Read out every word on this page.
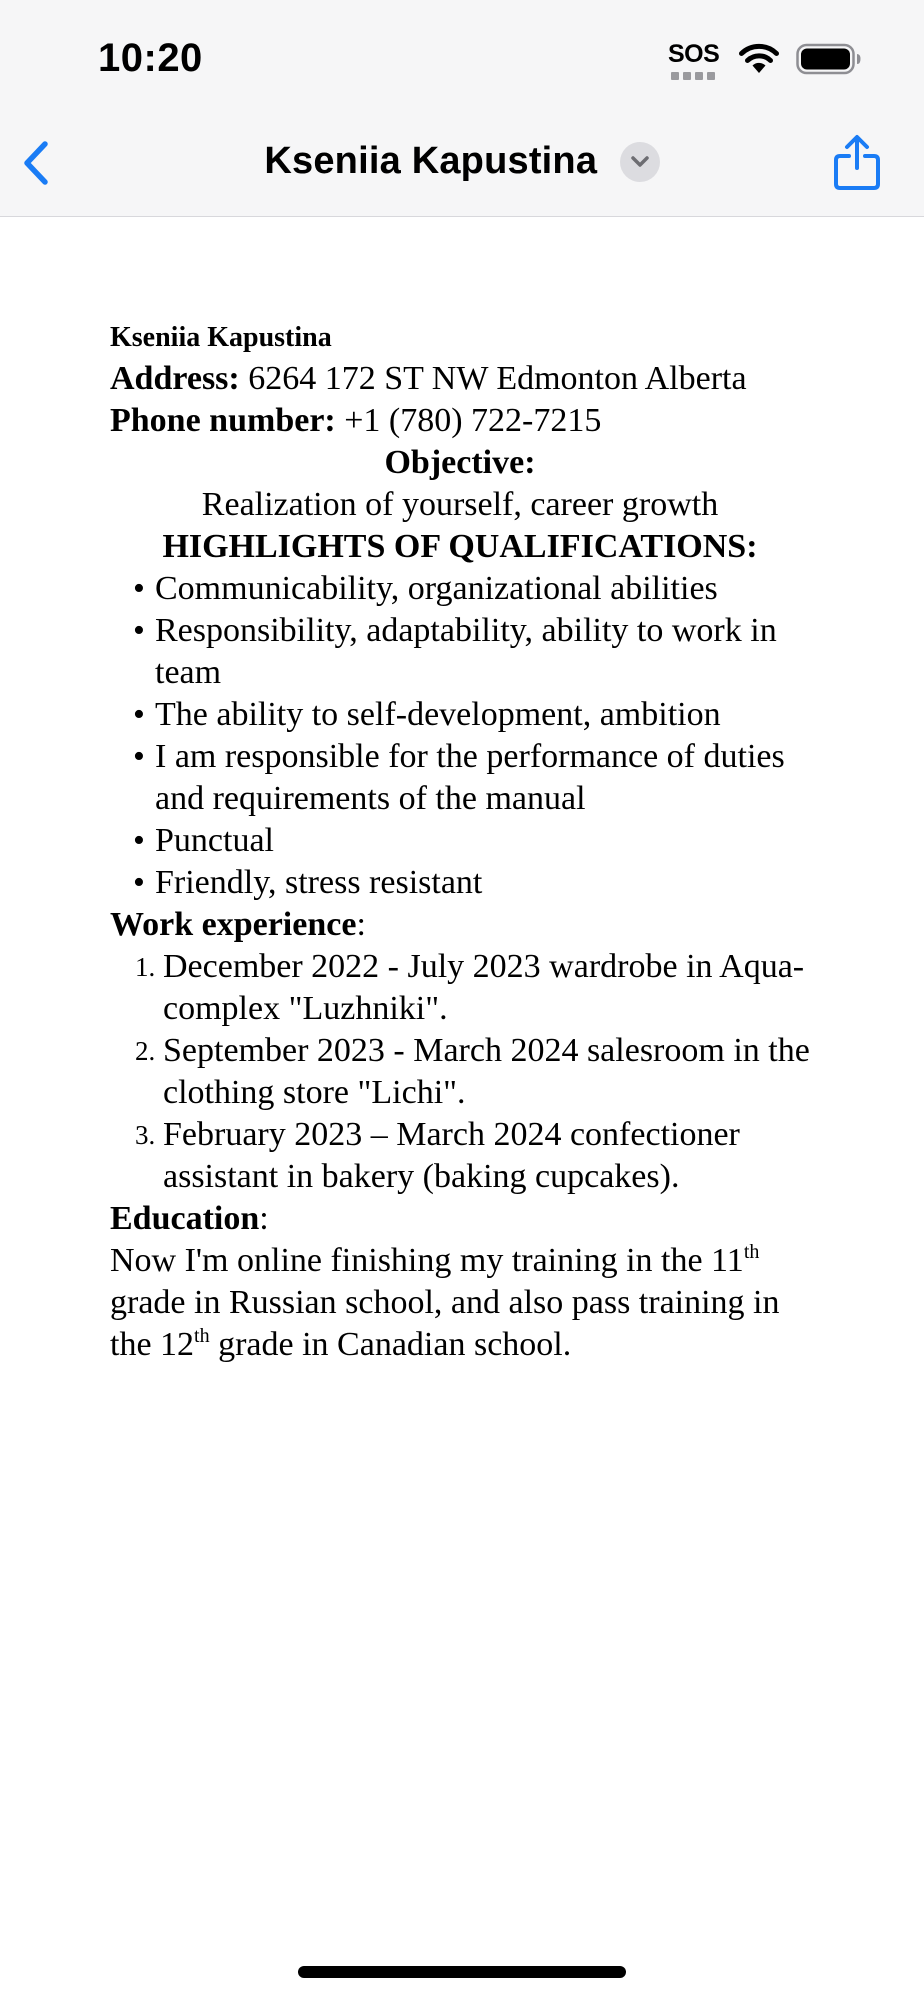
10:20	SOS
Kseniia Kapustina
Kseniia Kapustina
Address: 6264 172 ST NW Edmonton Alberta
Phone number: +1 (780) 722-7215
Objective:
Realization of yourself, career growth
HIGHLIGHTS OF QUALIFICATIONS:
• Communicability, organizational abilities
• Responsibility, adaptability, ability to work in team
• The ability to self-development, ambition
• I am responsible for the performance of duties and requirements of the manual
• Punctual
• Friendly, stress resistant
Work experience:
1. December 2022 - July 2023 wardrobe in Aqua-complex "Luzhniki".
2. September 2023 - March 2024 salesroom in the clothing store "Lichi".
3. February 2023 – March 2024 confectioner assistant in bakery (baking cupcakes).
Education:
Now I'm online finishing my training in the 11th grade in Russian school, and also pass training in the 12th grade in Canadian school.
